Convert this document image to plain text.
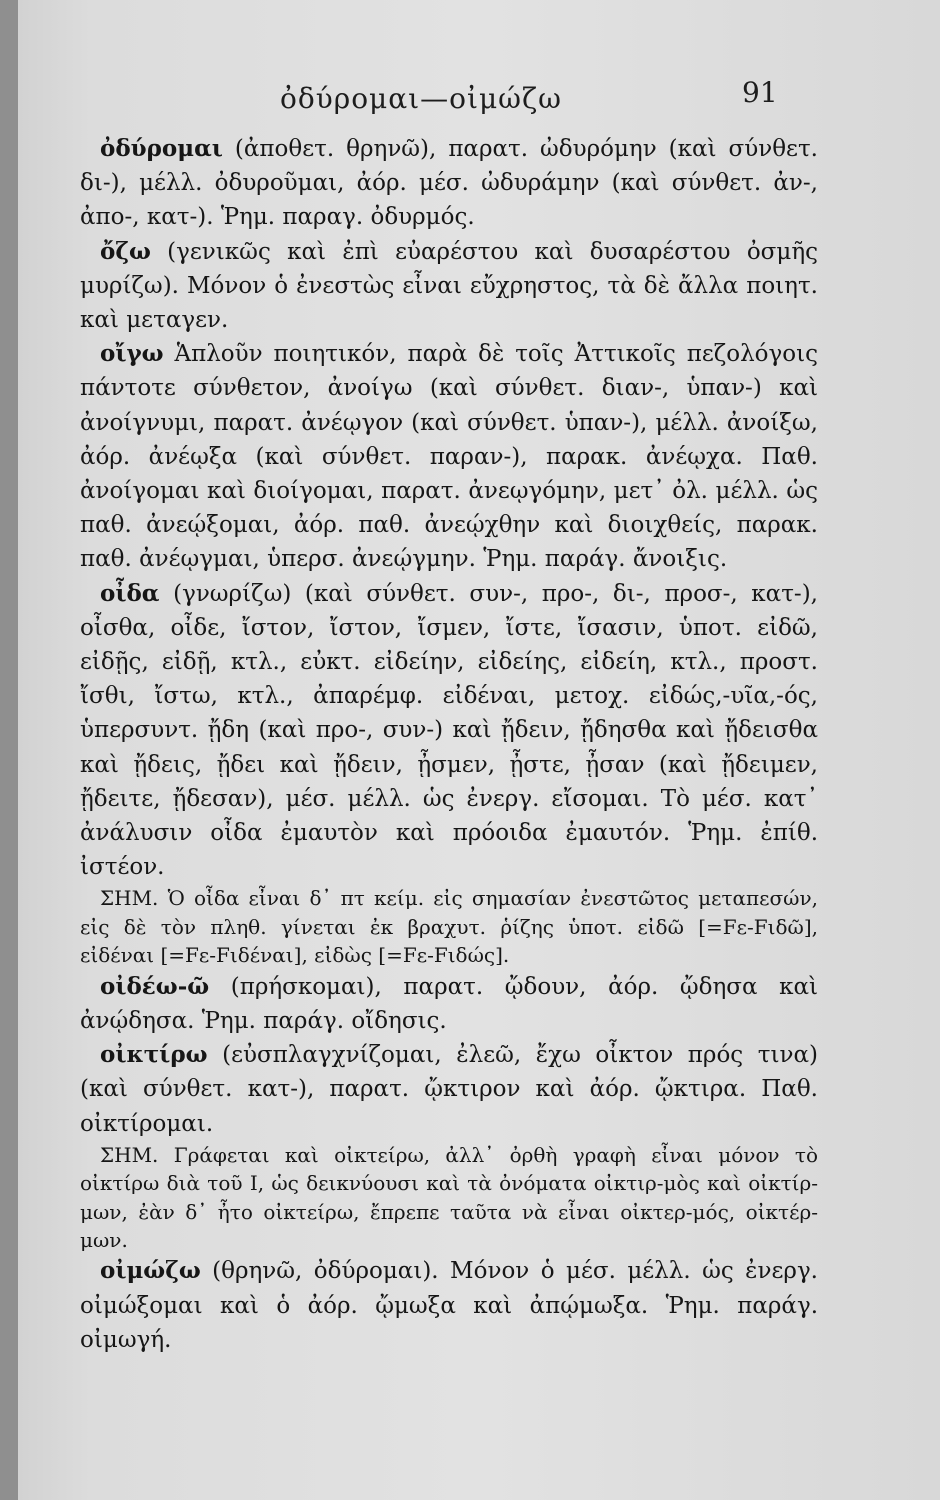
ὀδύρομαι—οἰμώζω	91

ὀδύρομαι (ἀποθετ. θρηνῶ), παρατ. ὠδυρόμην (καὶ σύνθετ. δι-), μέλλ. ὀδυροῦμαι, ἀόρ. μέσ. ὠδυράμην (καὶ σύνθετ. ἀν-, ἀπο-, κατ-). Ῥημ. παραγ. ὀδυρμός.

ὄζω (γενικῶς καὶ ἐπὶ εὐαρέστου καὶ δυσαρέστου ὀσμῆς μυρίζω). Μόνον ὁ ἐνεστὼς εἶναι εὔχρηστος, τὰ δὲ ἄλλα ποιητ. καὶ μεταγεν.

οἴγω Ἁπλοῦν ποιητικόν, παρὰ δὲ τοῖς Ἀττικοῖς πεζολόγοις πάντοτε σύνθετον, ἀνοίγω (καὶ σύνθετ. διαν-, ὑπαν-) καὶ ἀνοίγνυμι, παρατ. ἀνέῳγον (καὶ σύνθετ. ὑπαν-), μέλλ. ἀνοίξω, ἀόρ. ἀνέῳξα (καὶ σύνθετ. παραν-), παρακ. ἀνέῳχα. Παθ. ἀνοίγομαι καὶ διοίγομαι, παρατ. ἀνεῳγόμην, μετ᾽ ὀλ. μέλλ. ὡς παθ. ἀνεῴξομαι, ἀόρ. παθ. ἀνεῴχθην καὶ διοιχθείς, παρακ. παθ. ἀνέῳγμαι, ὑπερσ. ἀνεῴγμην. Ῥημ. παράγ. ἄνοιξις.

οἶδα (γνωρίζω) (καὶ σύνθετ. συν-, προ-, δι-, προσ-, κατ-), οἶσθα, οἶδε, ἴστον, ἴστον, ἴσμεν, ἴστε, ἴσασιν, ὑποτ. εἰδῶ, εἰδῇς, εἰδῇ, κτλ., εὐκτ. εἰδείην, εἰδείης, εἰδείη, κτλ., προστ. ἴσθι, ἴστω, κτλ., ἀπαρέμφ. εἰδέναι, μετοχ. εἰδώς,-υῖα,-ός, ὑπερσυντ. ᾔδη (καὶ προ-, συν-) καὶ ᾔδειν, ᾔδησθα καὶ ᾔδεισθα καὶ ᾔδεις, ᾔδει καὶ ᾔδειν, ᾖσμεν, ᾖστε, ᾖσαν (καὶ ᾔδειμεν, ᾔδειτε, ᾔδεσαν), μέσ. μέλλ. ὡς ἐνεργ. εἴσομαι. Τὸ μέσ. κατ᾽ ἀνάλυσιν οἶδα ἐμαυτὸν καὶ πρόοιδα ἐμαυτόν. Ῥημ. ἐπίθ. ἰστέον.

ΣΗΜ. Ὁ οἶδα εἶναι δ᾽ πτ κείμ. εἰς σημασίαν ἐνεστῶτος μεταπεσών, εἰς δὲ τὸν πληθ. γίνεται ἐκ βραχυτ. ῥίζης ὑποτ. εἰδῶ [=Fε-Fιδῶ], εἰδέναι [=Fε-Fιδέναι], εἰδὼς [=Fε-Fιδώς].

οἰδέω-ῶ (πρήσκομαι), παρατ. ᾤδουν, ἀόρ. ᾤδησα καὶ ἀνῴδησα. Ῥημ. παράγ. οἴδησις.

οἰκτίρω (εὐσπλαγχνίζομαι, ἐλεῶ, ἔχω οἶκτον πρός τινα) (καὶ σύνθετ. κατ-), παρατ. ᾤκτιρον καὶ ἀόρ. ᾤκτιρα. Παθ. οἰκτίρομαι.

ΣΗΜ. Γράφεται καὶ οἰκτείρω, ἀλλ᾽ ὀρθὴ γραφὴ εἶναι μόνον τὸ οἰκτίρω διὰ τοῦ Ι, ὡς δεικνύουσι καὶ τὰ ὀνόματα οἰκτιρ-μὸς καὶ οἰκτίρ-μων, ἐὰν δ᾽ ἦτο οἰκτείρω, ἔπρεπε ταῦτα νὰ εἶναι οἰκτερ-μός, οἰκτέρ-μων.

οἰμώζω (θρηνῶ, ὀδύρομαι). Μόνον ὁ μέσ. μέλλ. ὡς ἐνεργ. οἰμώξομαι καὶ ὁ ἀόρ. ᾤμωξα καὶ ἀπῴμωξα. Ῥημ. παράγ. οἰμωγή.
